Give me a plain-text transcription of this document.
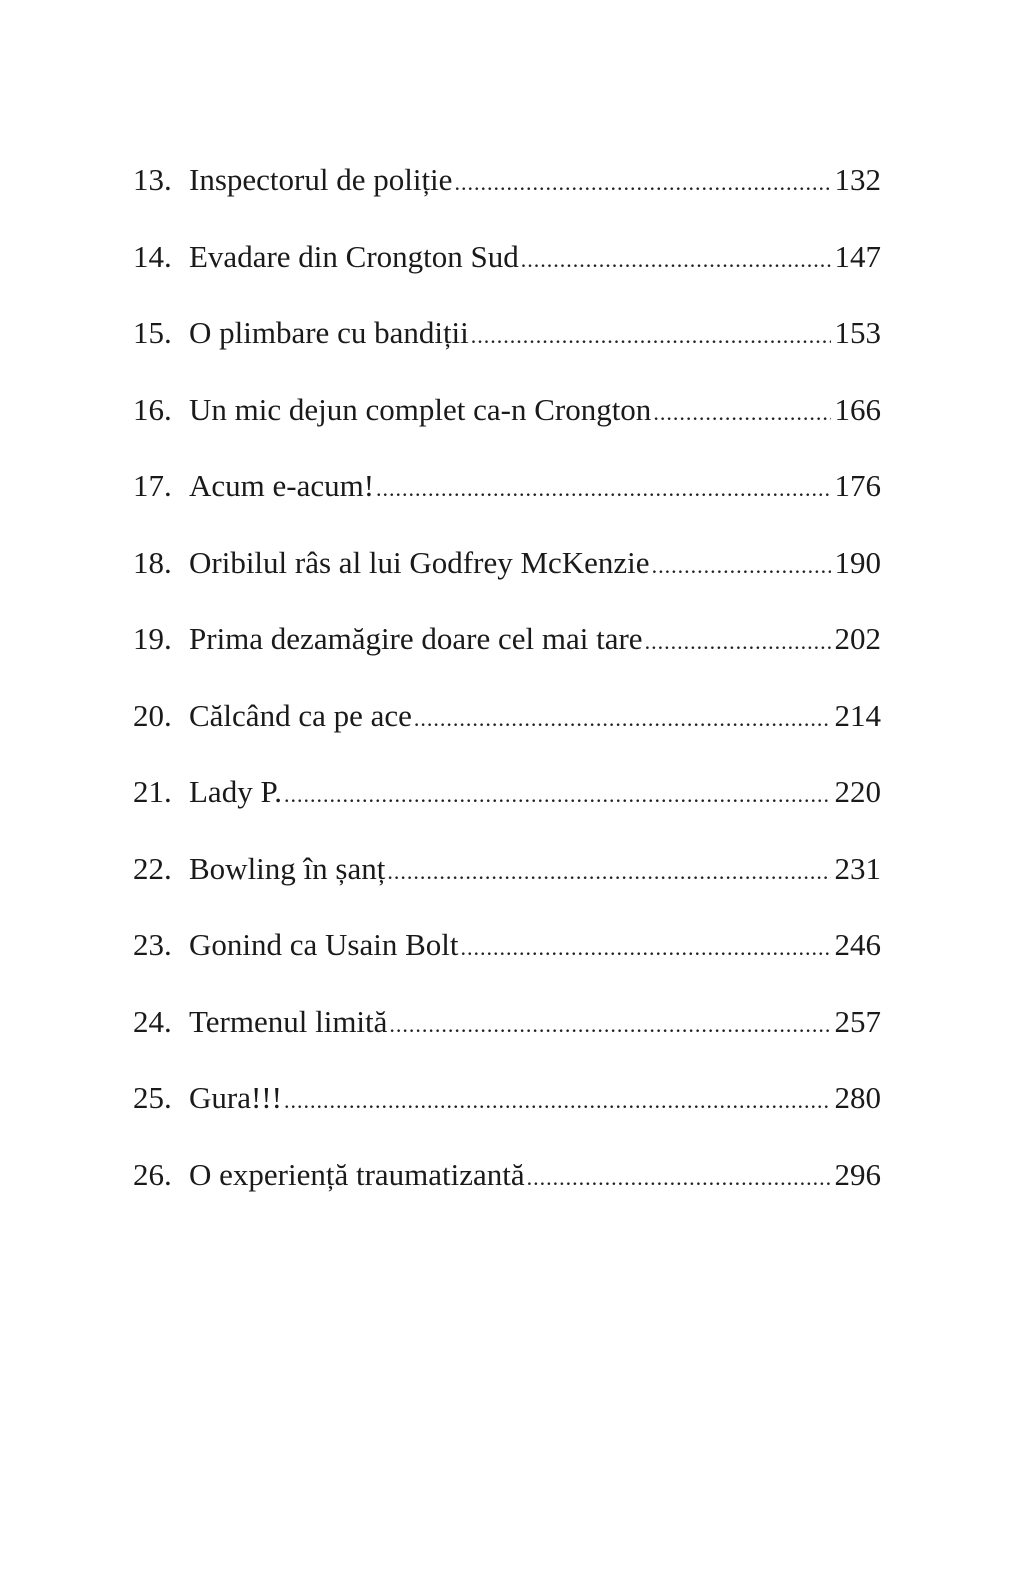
13. Inspectorul de poliție .....	132
14. Evadare din Crongton Sud .....	147
15. O plimbare cu bandiții .....	153
16. Un mic dejun complet ca-n Crongton .....	166
17. Acum e-acum! .....	176
18. Oribilul râs al lui Godfrey McKenzie .....	190
19. Prima dezamăgire doare cel mai tare .....	202
20. Călcând ca pe ace .....	214
21. Lady P. .....	220
22. Bowling în șanț .....	231
23. Gonind ca Usain Bolt .....	246
24. Termenul limită .....	257
25. Gura!!! .....	280
26. O experiență traumatizantă .....	296
